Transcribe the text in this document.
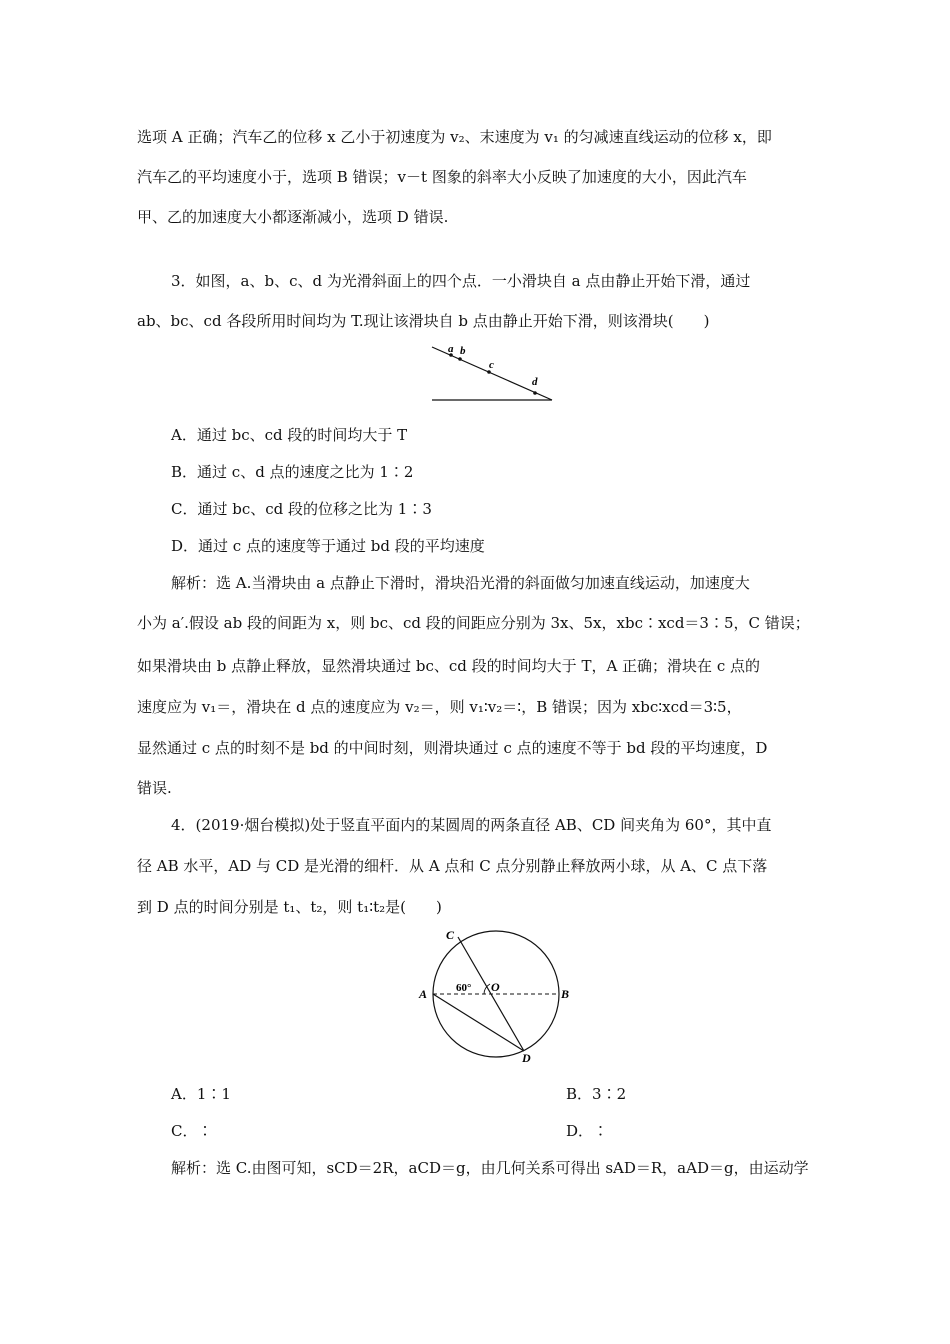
选项 A 正确；汽车乙的位移 x 乙小于初速度为 v₂、末速度为 v₁ 的匀减速直线运动的位移 x，即
汽车乙的平均速度小于，选项 B 错误；v－t 图象的斜率大小反映了加速度的大小，因此汽车
甲、乙的加速度大小都逐渐减小，选项 D 错误.
3．如图，a、b、c、d 为光滑斜面上的四个点．一小滑块自 a 点由静止开始下滑，通过
ab、bc、cd 各段所用时间均为 T.现让该滑块自 b 点由静止开始下滑，则该滑块(　　)
a b
c
d
A．通过 bc、cd 段的时间均大于 T
B．通过 c、d 点的速度之比为 1∶2
C．通过 bc、cd 段的位移之比为 1∶3
D．通过 c 点的速度等于通过 bd 段的平均速度
解析：选 A.当滑块由 a 点静止下滑时，滑块沿光滑的斜面做匀加速直线运动，加速度大
小为 a′.假设 ab 段的间距为 x，则 bc、cd 段的间距应分别为 3x、5x，xbc∶xcd＝3∶5，C 错误；
如果滑块由 b 点静止释放，显然滑块通过 bc、cd 段的时间均大于 T，A 正确；滑块在 c 点的
速度应为 v₁＝，滑块在 d 点的速度应为 v₂＝，则 v₁∶v₂＝∶，B 错误；因为 xbc∶xcd＝3∶5，
显然通过 c 点的时刻不是 bd 的中间时刻，则滑块通过 c 点的速度不等于 bd 段的平均速度，D
错误.
4．(2019·烟台模拟)处于竖直平面内的某圆周的两条直径 AB、CD 间夹角为 60°，其中直
径 AB 水平，AD 与 CD 是光滑的细杆．从 A 点和 C 点分别静止释放两小球，从 A、C 点下落
到 D 点的时间分别是 t₁、t₂，则 t₁∶t₂是(　　)
A	B
C
D
O
60°
A．1∶1	B．3∶2
C．∶	D．∶
解析：选 C.由图可知，sCD＝2R，aCD＝g，由几何关系可得出 sAD＝R，aAD＝g，由运动学
